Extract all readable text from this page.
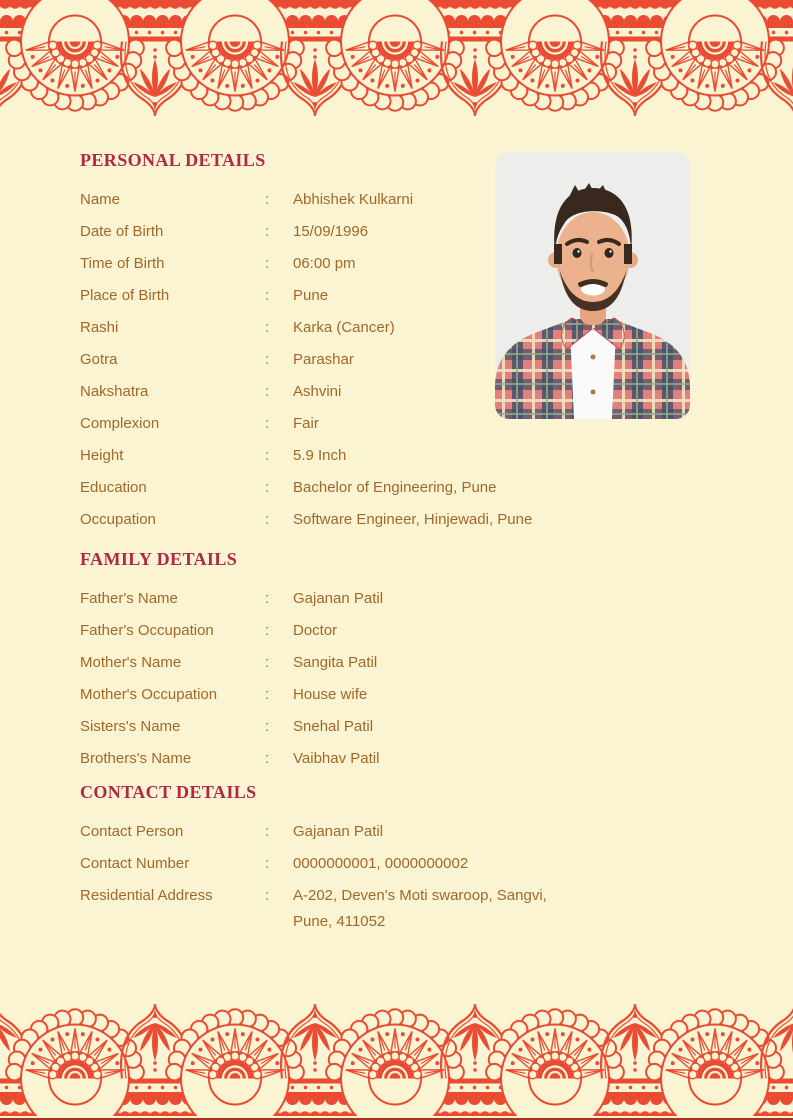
PERSONAL DETAILS
Name	:	Abhishek Kulkarni
Date of Birth	:	15/09/1996
Time of Birth	:	06:00 pm
Place of Birth	:	Pune
Rashi	:	Karka (Cancer)
Gotra	:	Parashar
Nakshatra	:	Ashvini
Complexion	:	Fair
Height	:	5.9 Inch
Education	:	Bachelor of Engineering, Pune
Occupation	:	Software Engineer, Hinjewadi, Pune
FAMILY DETAILS
Father's Name	:	Gajanan Patil
Father's Occupation	:	Doctor
Mother's Name	:	Sangita Patil
Mother's Occupation	:	House wife
Sisters's Name	:	Snehal Patil
Brothers's Name	:	Vaibhav Patil
CONTACT DETAILS
Contact Person	:	Gajanan Patil
Contact Number	:	0000000001, 0000000002
Residential Address	:	A-202, Deven's Moti swaroop, Sangvi,
Pune, 411052
